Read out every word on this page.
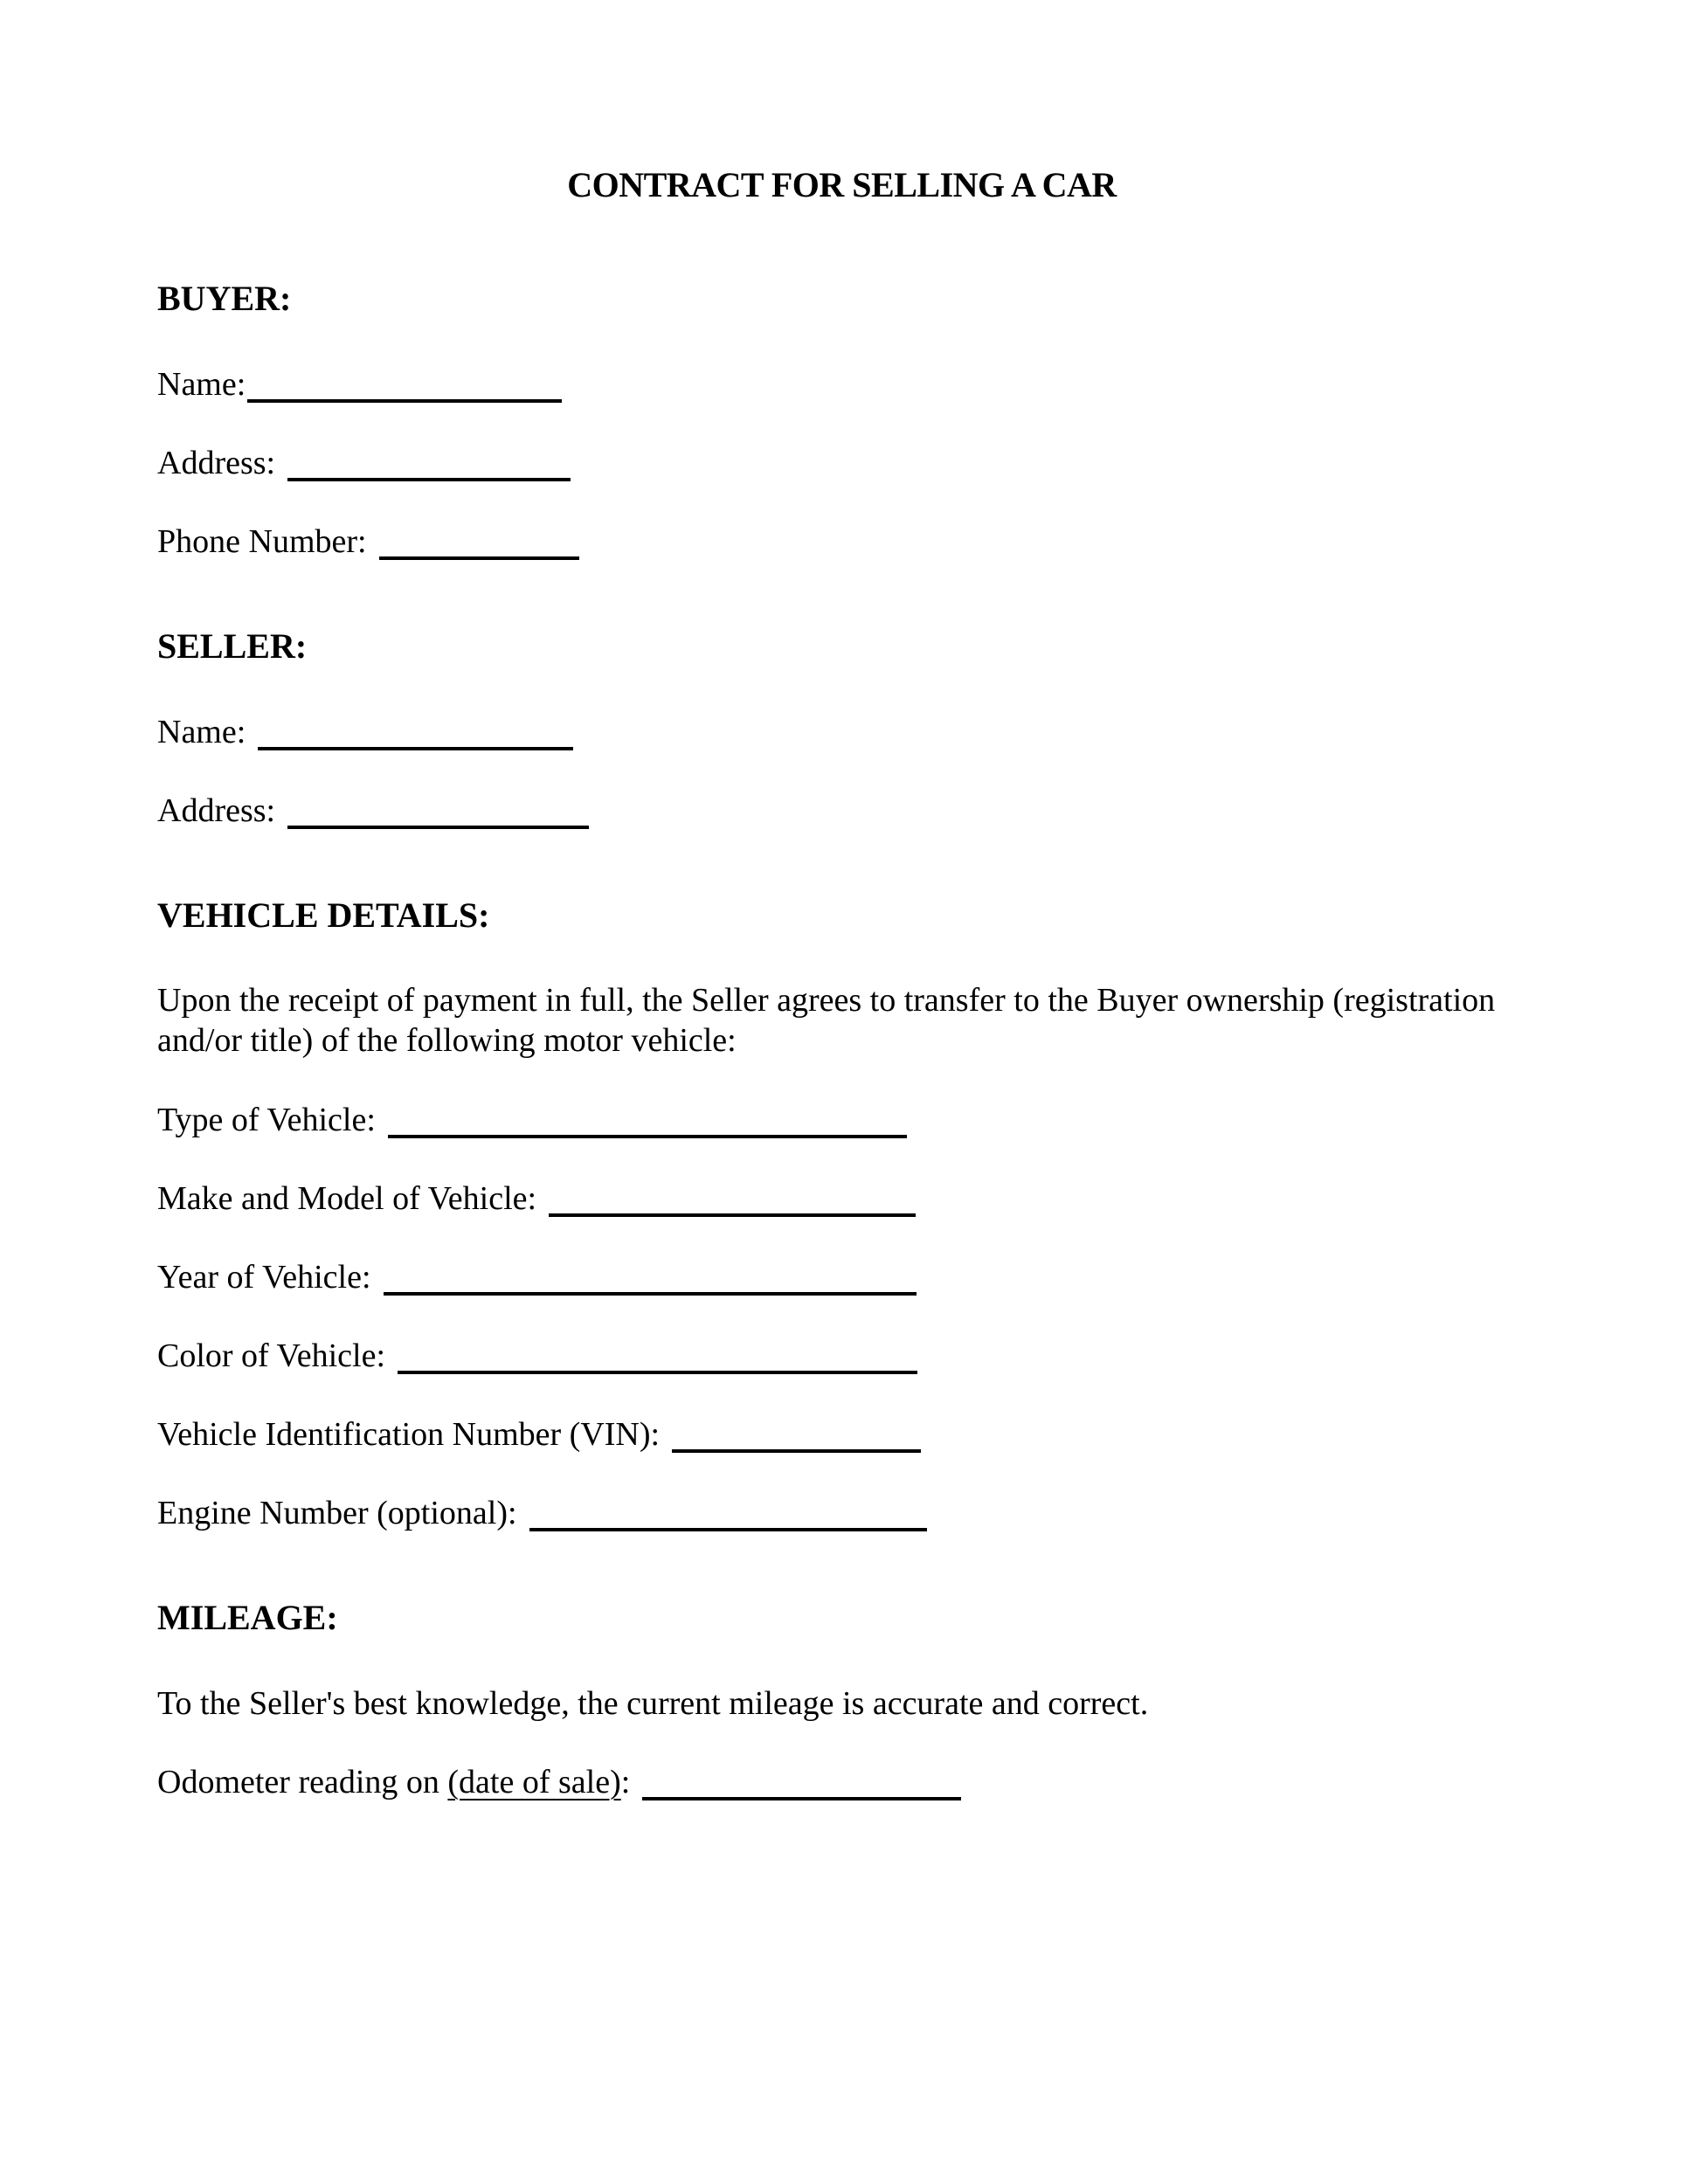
CONTRACT FOR SELLING A CAR
BUYER:
Name:
Address:
Phone Number:
SELLER:
Name:
Address:
VEHICLE DETAILS:
Upon the receipt of payment in full, the Seller agrees to transfer to the Buyer ownership (registration
and/or title) of the following motor vehicle:
Type of Vehicle:
Make and Model of Vehicle:
Year of Vehicle:
Color of Vehicle:
Vehicle Identification Number (VIN):
Engine Number (optional):
MILEAGE:
To the Seller's best knowledge, the current mileage is accurate and correct.
Odometer reading on (date of sale):
